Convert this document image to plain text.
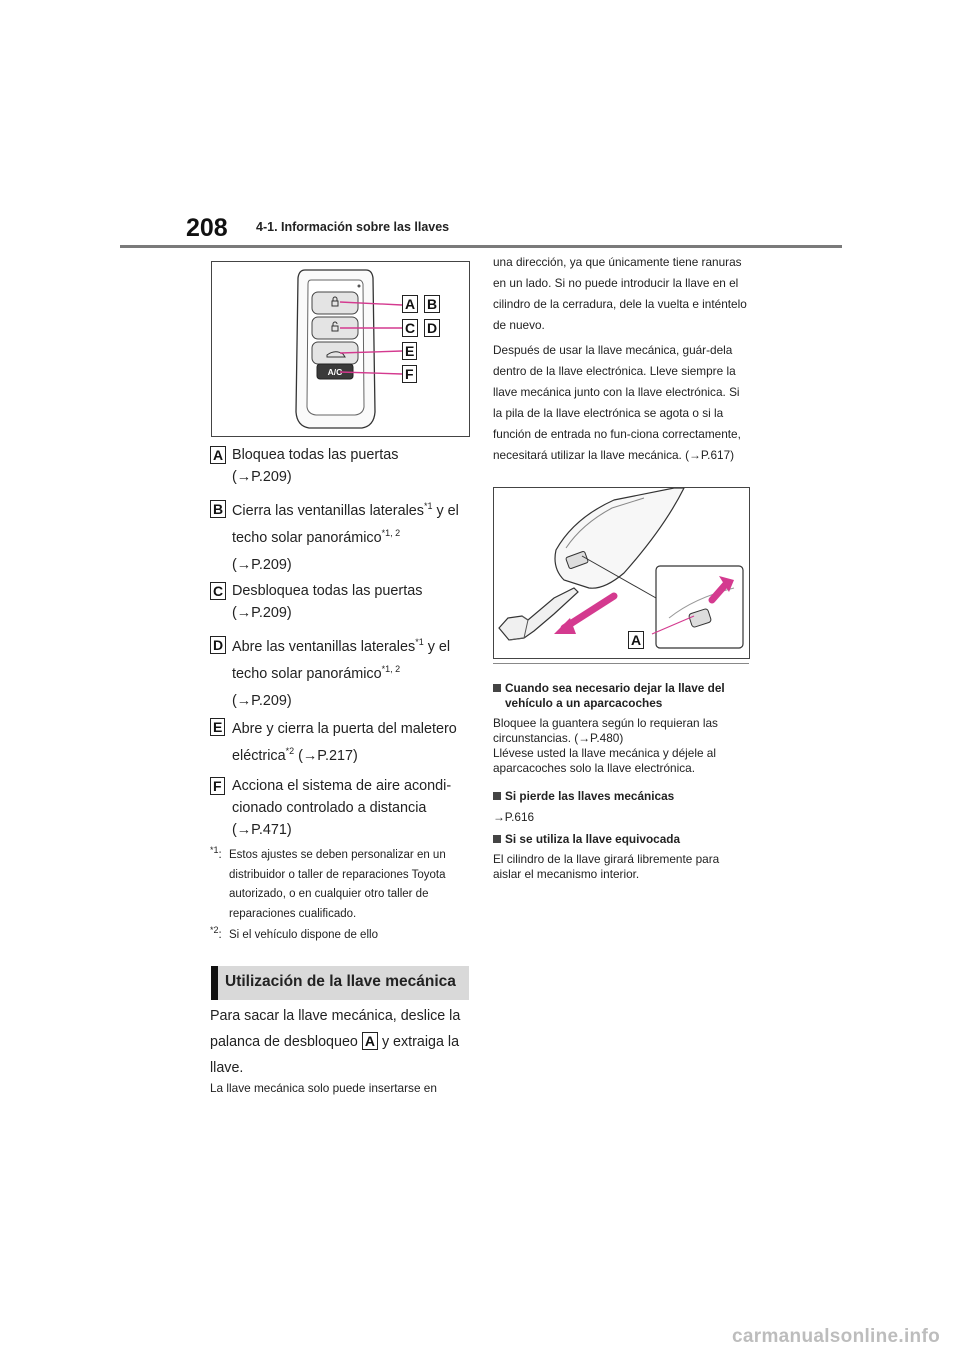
208 4-1. Información sobre las llaves
A/C
A B
C D
E
F
A Bloquea todas las puertas
(→P.209)

B Cierra las ventanillas laterales$^{*1}$ y el techo solar panorámico$^{*1, 2}$
(→P.209)

C Desbloquea todas las puertas
(→P.209)

D Abre las ventanillas laterales$^{*1}$ y el techo solar panorámico$^{*1, 2}$
(→P.209)

E Abre y cierra la puerta del maletero eléctrica$^{*2}$ (→P.217)

F Acciona el sistema de aire acondi-
cionado controlado a distancia
(→P.471)

$^{*1}$: Estos ajustes se deben personalizar en un distribuidor o taller de reparaciones Toyota autorizado, o en cualquier otro taller de reparaciones cualificado.
$^{*2}$: Si el vehículo dispone de ello
Utilización de la llave mecánica
Para sacar la llave mecánica, deslice la palanca de desbloqueo A y extraiga la llave.
La llave mecánica solo puede insertarse en

una dirección, ya que únicamente tiene ranuras en un lado. Si no puede introducir la llave en el cilindro de la cerradura, dele la vuelta e inténtelo de nuevo.

Después de usar la llave mecánica, guár-dela dentro de la llave electrónica. Lleve siempre la llave mecánica junto con la llave electrónica. Si la pila de la llave electrónica se agota o si la función de entrada no fun-ciona correctamente, necesitará utilizar la llave mecánica. (→P.617)

A
Cuando sea necesario dejar la llave del vehículo a un aparcacoches
Bloquee la guantera según lo requieran las circunstancias. (→P.480)
Llévese usted la llave mecánica y déjele al aparcacoches solo la llave electrónica.
Si pierde las llaves mecánicas
→P.616
Si se utiliza la llave equivocada
El cilindro de la llave girará libremente para aislar el mecanismo interior.
carmanualsonline.info
